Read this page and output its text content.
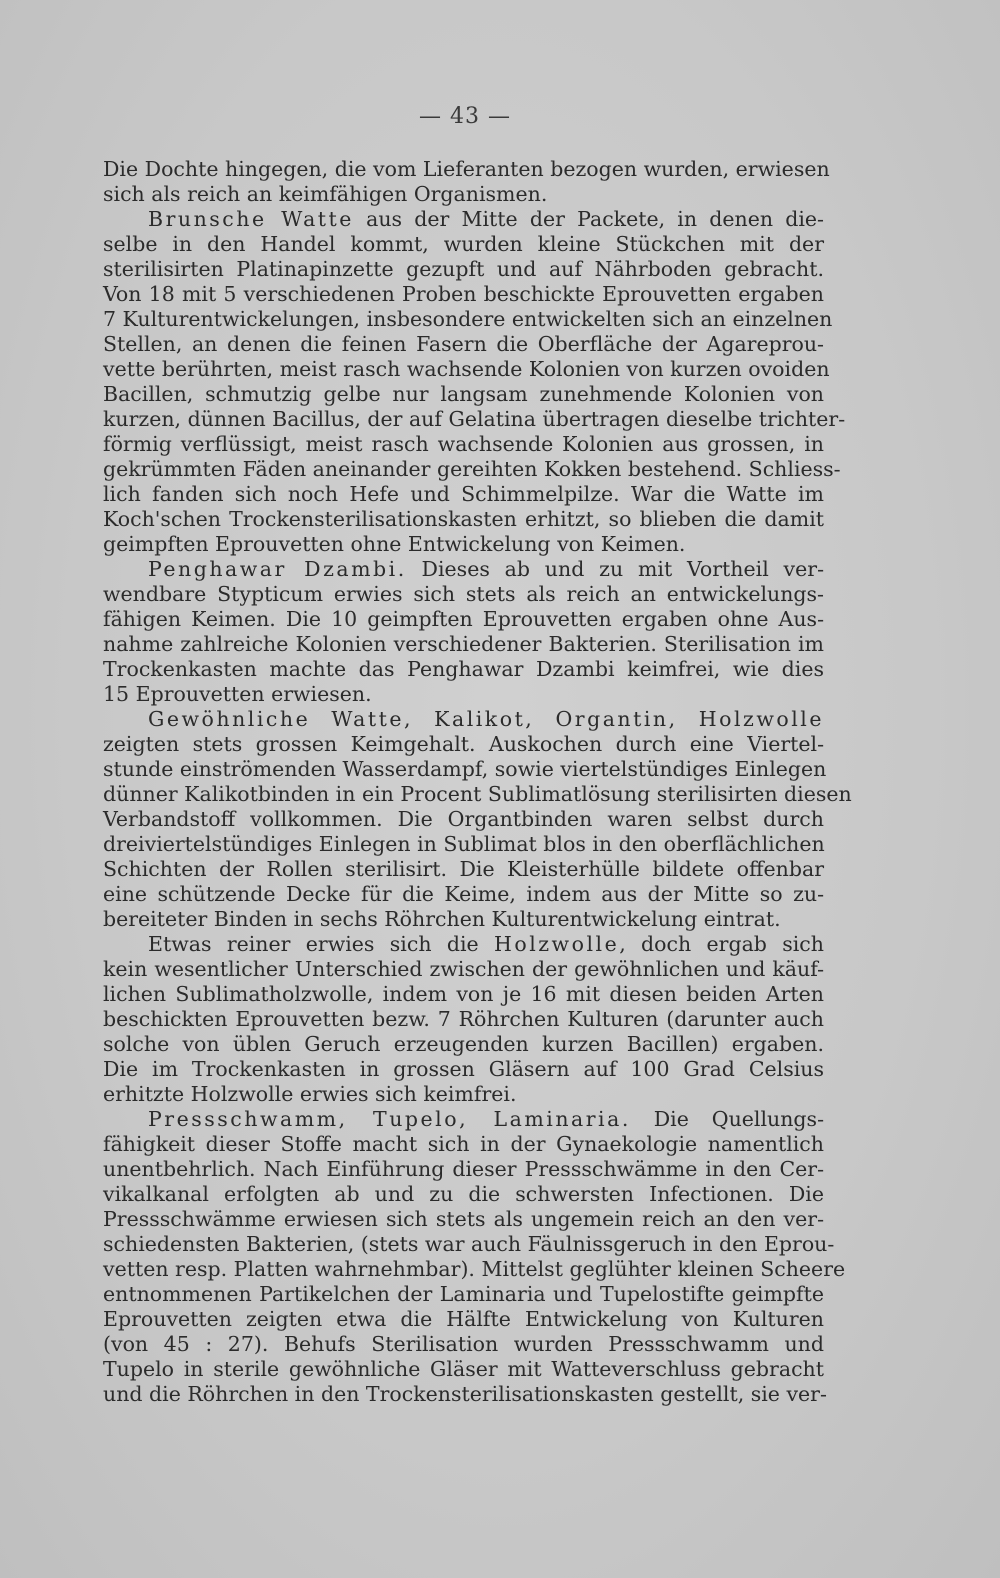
— 43 —
Die Dochte hingegen, die vom Lieferanten bezogen wurden, erwiesen
sich als reich an keimfähigen Organismen.
Brunsche Watte aus der Mitte der Packete, in denen die-
selbe in den Handel kommt, wurden kleine Stückchen mit der
sterilisirten Platinapinzette gezupft und auf Nährboden gebracht.
Von 18 mit 5 verschiedenen Proben beschickte Eprouvetten ergaben
7 Kulturentwickelungen, insbesondere entwickelten sich an einzelnen
Stellen, an denen die feinen Fasern die Oberfläche der Agareprou-
vette berührten, meist rasch wachsende Kolonien von kurzen ovoiden
Bacillen, schmutzig gelbe nur langsam zunehmende Kolonien von
kurzen, dünnen Bacillus, der auf Gelatina übertragen dieselbe trichter-
förmig verflüssigt, meist rasch wachsende Kolonien aus grossen, in
gekrümmten Fäden aneinander gereihten Kokken bestehend. Schliess-
lich fanden sich noch Hefe und Schimmelpilze. War die Watte im
Koch'schen Trockensterilisationskasten erhitzt, so blieben die damit
geimpften Eprouvetten ohne Entwickelung von Keimen.
Penghawar Dzambi. Dieses ab und zu mit Vortheil ver-
wendbare Stypticum erwies sich stets als reich an entwickelungs-
fähigen Keimen. Die 10 geimpften Eprouvetten ergaben ohne Aus-
nahme zahlreiche Kolonien verschiedener Bakterien. Sterilisation im
Trockenkasten machte das Penghawar Dzambi keimfrei, wie dies
15 Eprouvetten erwiesen.
Gewöhnliche Watte, Kalikot, Organtin, Holzwolle
zeigten stets grossen Keimgehalt. Auskochen durch eine Viertel-
stunde einströmenden Wasserdampf, sowie viertelstündiges Einlegen
dünner Kalikotbinden in ein Procent Sublimatlösung sterilisirten diesen
Verbandstoff vollkommen. Die Organtbinden waren selbst durch
dreiviertelstündiges Einlegen in Sublimat blos in den oberflächlichen
Schichten der Rollen sterilisirt. Die Kleisterhülle bildete offenbar
eine schützende Decke für die Keime, indem aus der Mitte so zu-
bereiteter Binden in sechs Röhrchen Kulturentwickelung eintrat.
Etwas reiner erwies sich die Holzwolle, doch ergab sich
kein wesentlicher Unterschied zwischen der gewöhnlichen und käuf-
lichen Sublimatholzwolle, indem von je 16 mit diesen beiden Arten
beschickten Eprouvetten bezw. 7 Röhrchen Kulturen (darunter auch
solche von üblen Geruch erzeugenden kurzen Bacillen) ergaben.
Die im Trockenkasten in grossen Gläsern auf 100 Grad Celsius
erhitzte Holzwolle erwies sich keimfrei.
Pressschwamm, Tupelo, Laminaria. Die Quellungs-
fähigkeit dieser Stoffe macht sich in der Gynaekologie namentlich
unentbehrlich. Nach Einführung dieser Pressschwämme in den Cer-
vikalkanal erfolgten ab und zu die schwersten Infectionen. Die
Pressschwämme erwiesen sich stets als ungemein reich an den ver-
schiedensten Bakterien, (stets war auch Fäulnissgeruch in den Eprou-
vetten resp. Platten wahrnehmbar). Mittelst geglühter kleinen Scheere
entnommenen Partikelchen der Laminaria und Tupelostifte geimpfte
Eprouvetten zeigten etwa die Hälfte Entwickelung von Kulturen
(von 45 : 27). Behufs Sterilisation wurden Pressschwamm und
Tupelo in sterile gewöhnliche Gläser mit Watteverschluss gebracht
und die Röhrchen in den Trockensterilisationskasten gestellt, sie ver-
